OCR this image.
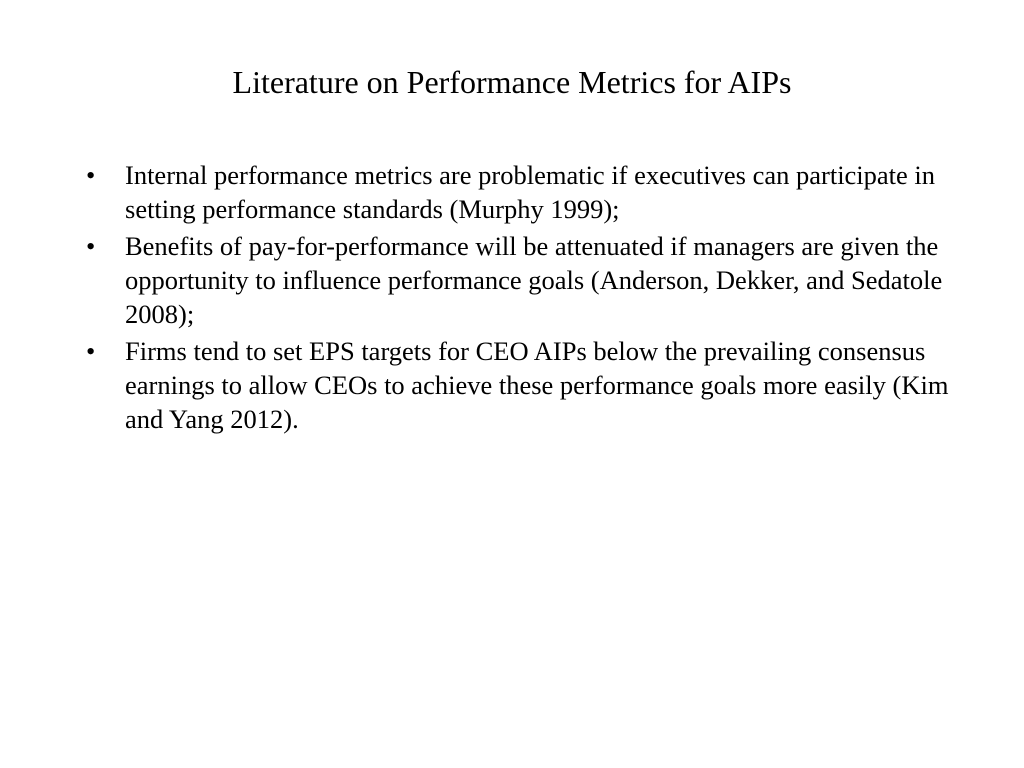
Literature on Performance Metrics for AIPs
•	Internal performance metrics are problematic if executives can participate in setting performance standards (Murphy 1999);
•	Benefits of pay-for-performance will be attenuated if managers are given the opportunity to influence performance goals (Anderson, Dekker, and Sedatole 2008);
•	Firms tend to set EPS targets for CEO AIPs below the prevailing consensus earnings to allow CEOs to achieve these performance goals more easily (Kim and Yang 2012).
